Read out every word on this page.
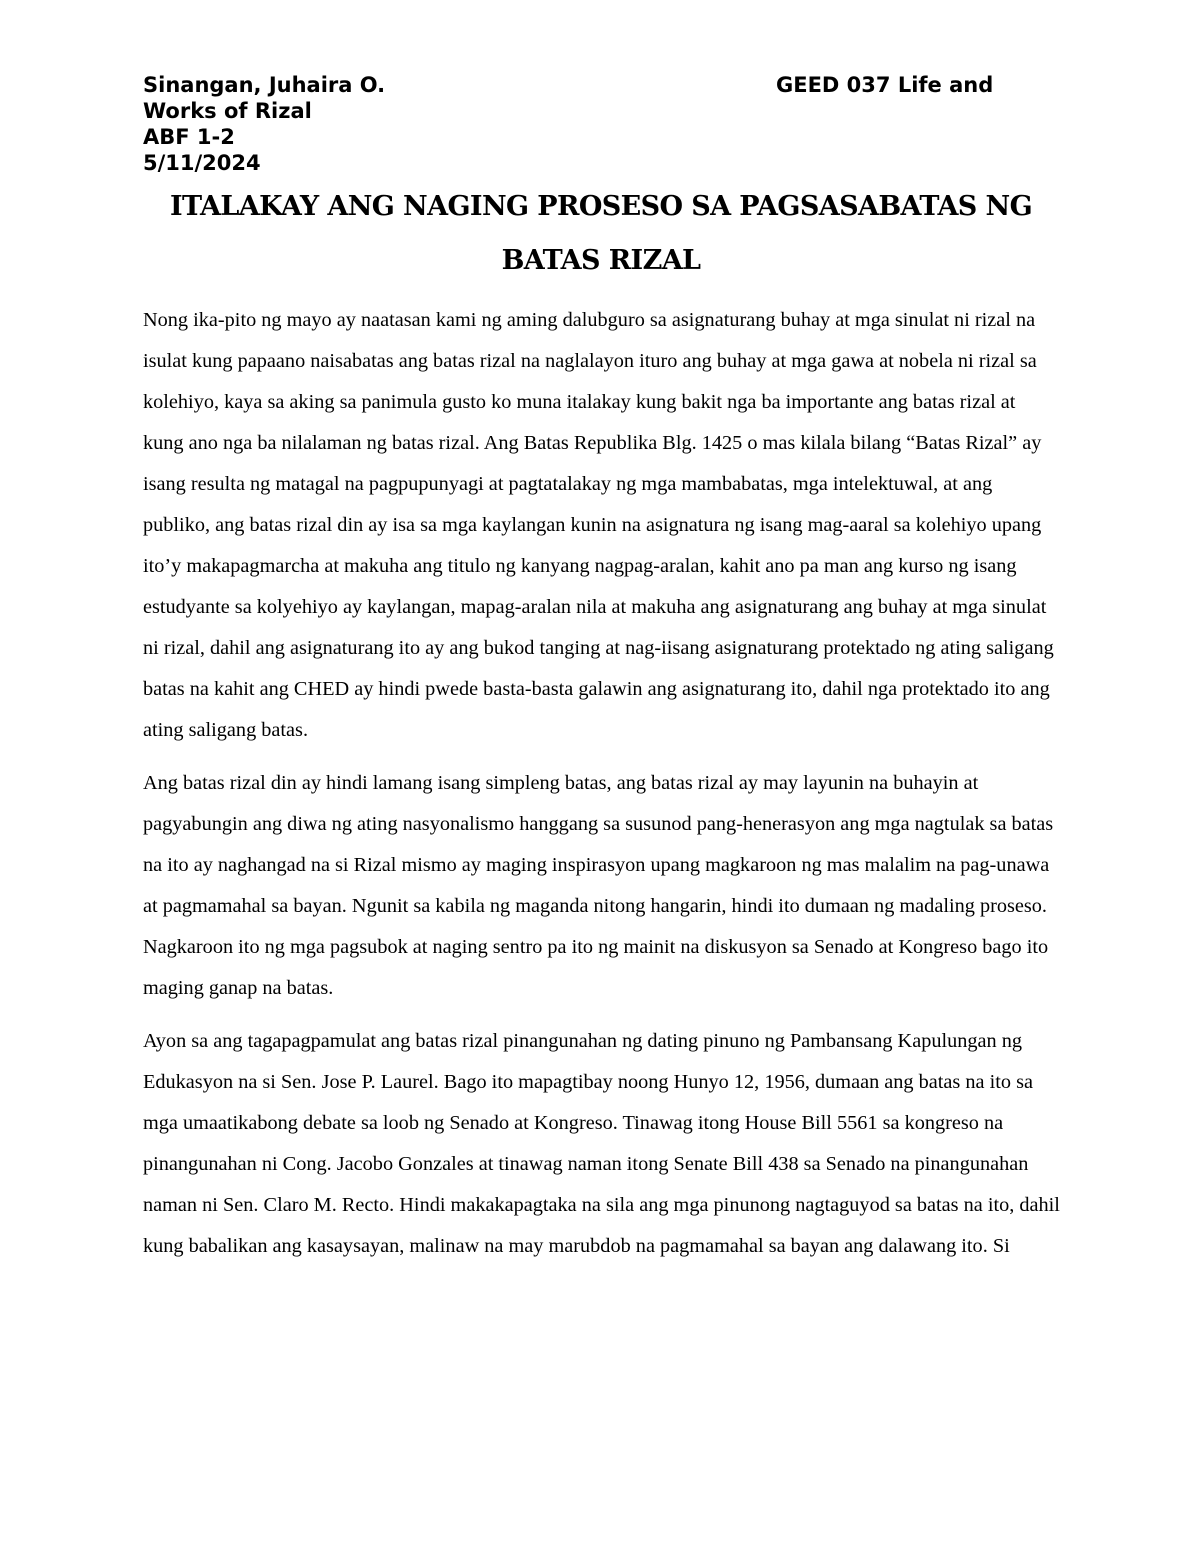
Sinangan, Juhaira O.	GEED 037 Life and
Works of Rizal
ABF 1-2
5/11/2024
ITALAKAY ANG NAGING PROSESO SA PAGSASABATAS NG BATAS RIZAL

Nong ika-pito ng mayo ay naatasan kami ng aming dalubguro sa asignaturang buhay at mga sinulat ni rizal na isulat kung papaano naisabatas ang batas rizal na naglalayon ituro ang buhay at mga gawa at nobela ni rizal sa kolehiyo, kaya sa aking sa panimula gusto ko muna italakay kung bakit nga ba importante ang batas rizal at kung ano nga ba nilalaman ng batas rizal. Ang Batas Republika Blg. 1425 o mas kilala bilang “Batas Rizal” ay isang resulta ng matagal na pagpupunyagi at pagtatalakay ng mga mambabatas, mga intelektuwal, at ang publiko, ang batas rizal din ay isa sa mga kaylangan kunin na asignatura ng isang mag-aaral sa kolehiyo upang ito’y makapagmarcha at makuha ang titulo ng kanyang nagpag-aralan, kahit ano pa man ang kurso ng isang estudyante sa kolyehiyo ay kaylangan, mapag-aralan nila at makuha ang asignaturang ang buhay at mga sinulat ni rizal, dahil ang asignaturang ito ay ang bukod tanging at nag-iisang asignaturang protektado ng ating saligang batas na kahit ang CHED ay hindi pwede basta-basta galawin ang asignaturang ito, dahil nga protektado ito ang ating saligang batas.

Ang batas rizal din ay hindi lamang isang simpleng batas, ang batas rizal ay may layunin na buhayin at pagyabungin ang diwa ng ating nasyonalismo hanggang sa susunod pang-henerasyon ang mga nagtulak sa batas na ito ay naghangad na si Rizal mismo ay maging inspirasyon upang magkaroon ng mas malalim na pag-unawa at pagmamahal sa bayan. Ngunit sa kabila ng maganda nitong hangarin, hindi ito dumaan ng madaling proseso. Nagkaroon ito ng mga pagsubok at naging sentro pa ito ng mainit na diskusyon sa Senado at Kongreso bago ito maging ganap na batas.

Ayon sa ang tagapagpamulat ang batas rizal pinangunahan ng dating pinuno ng Pambansang Kapulungan ng Edukasyon na si Sen. Jose P. Laurel. Bago ito mapagtibay noong Hunyo 12, 1956, dumaan ang batas na ito sa mga umaatikabong debate sa loob ng Senado at Kongreso. Tinawag itong House Bill 5561 sa kongreso na pinangunahan ni Cong. Jacobo Gonzales at tinawag naman itong Senate Bill 438 sa Senado na pinangunahan naman ni Sen. Claro M. Recto. Hindi makakapagtaka na sila ang mga pinunong nagtaguyod sa batas na ito, dahil kung babalikan ang kasaysayan, malinaw na may marubdob na pagmamahal sa bayan ang dalawang ito. Si
